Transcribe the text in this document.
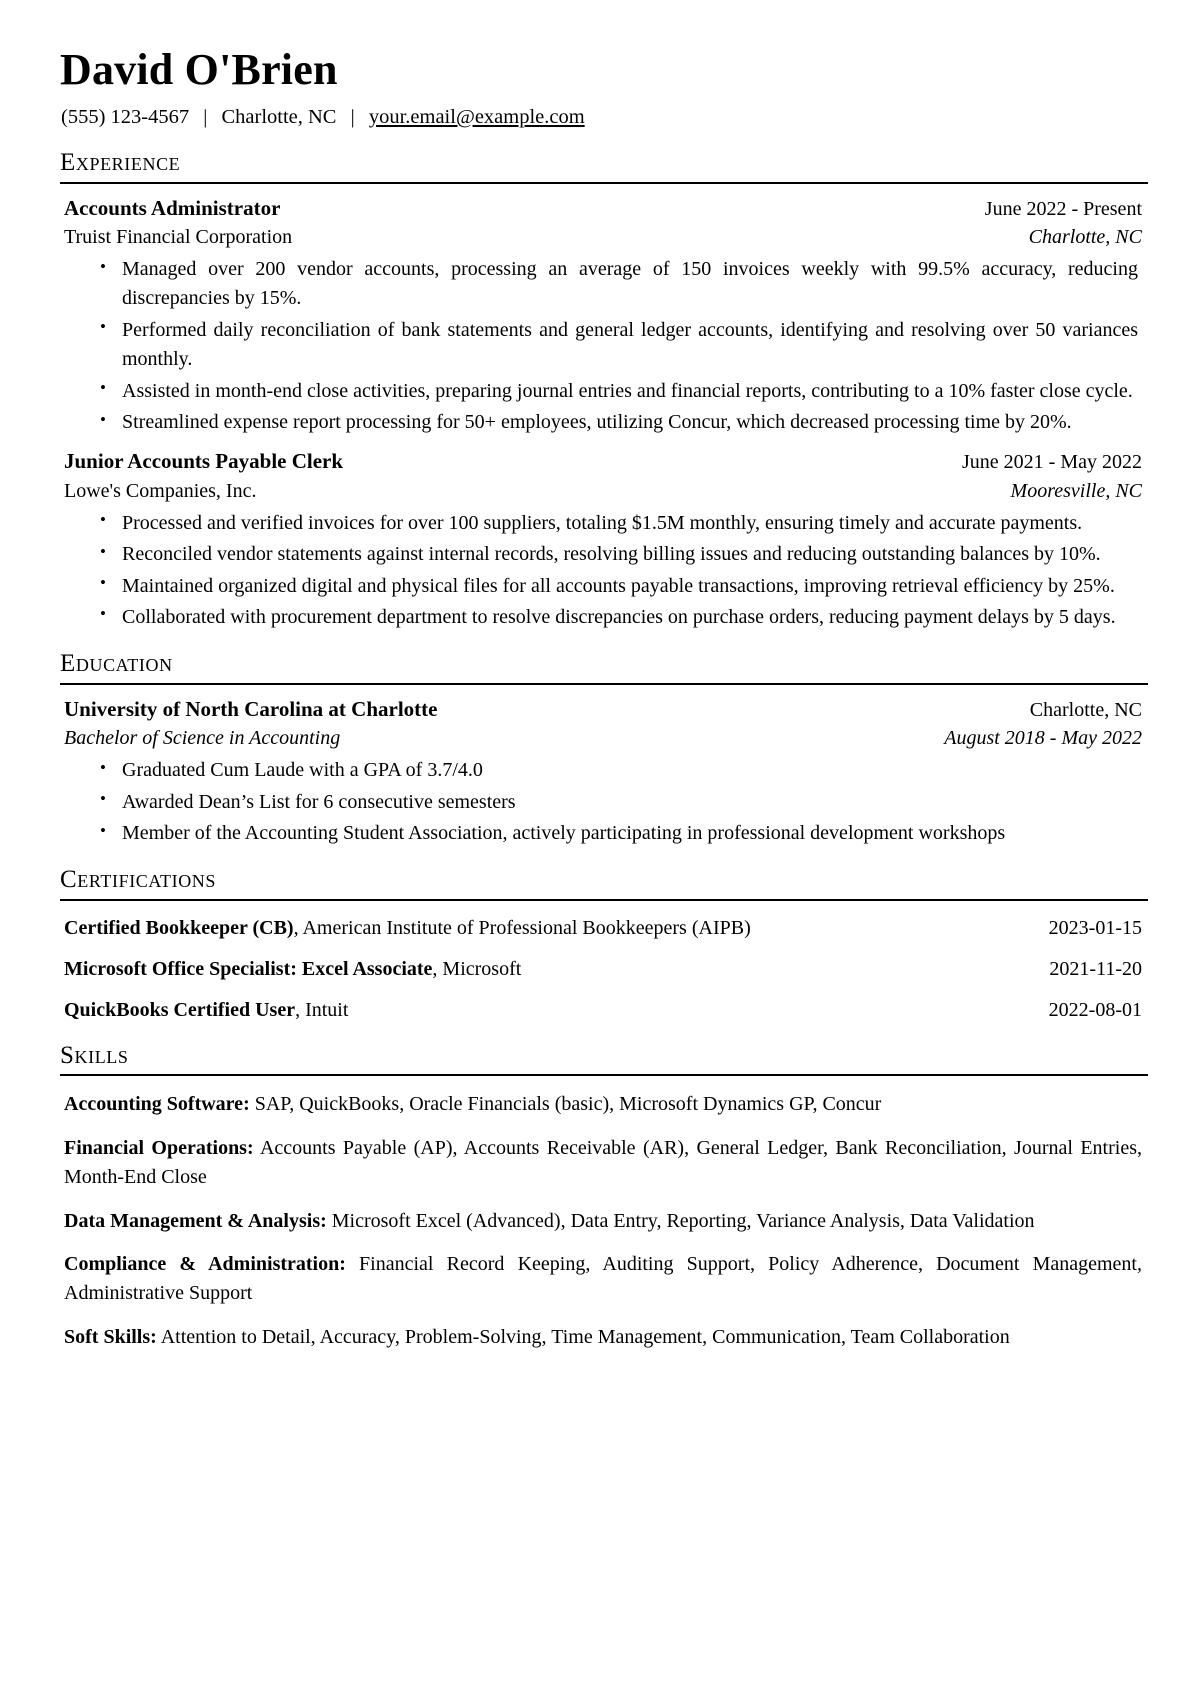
David O'Brien
(555) 123-4567 | Charlotte, NC | your.email@example.com
Experience
Accounts Administrator	June 2022 - Present
Truist Financial Corporation	Charlotte, NC
• Managed over 200 vendor accounts, processing an average of 150 invoices weekly with 99.5% accuracy, reducing discrepancies by 15%.
• Performed daily reconciliation of bank statements and general ledger accounts, identifying and resolving over 50 variances monthly.
• Assisted in month-end close activities, preparing journal entries and financial reports, contributing to a 10% faster close cycle.
• Streamlined expense report processing for 50+ employees, utilizing Concur, which decreased processing time by 20%.
Junior Accounts Payable Clerk	June 2021 - May 2022
Lowe's Companies, Inc.	Mooresville, NC
• Processed and verified invoices for over 100 suppliers, totaling $1.5M monthly, ensuring timely and accurate payments.
• Reconciled vendor statements against internal records, resolving billing issues and reducing outstanding balances by 10%.
• Maintained organized digital and physical files for all accounts payable transactions, improving retrieval efficiency by 25%.
• Collaborated with procurement department to resolve discrepancies on purchase orders, reducing payment delays by 5 days.
Education
University of North Carolina at Charlotte	Charlotte, NC
Bachelor of Science in Accounting	August 2018 - May 2022
• Graduated Cum Laude with a GPA of 3.7/4.0
• Awarded Dean’s List for 6 consecutive semesters
• Member of the Accounting Student Association, actively participating in professional development workshops
Certifications
Certified Bookkeeper (CB), American Institute of Professional Bookkeepers (AIPB)	2023-01-15
Microsoft Office Specialist: Excel Associate, Microsoft	2021-11-20
QuickBooks Certified User, Intuit	2022-08-01
Skills
Accounting Software: SAP, QuickBooks, Oracle Financials (basic), Microsoft Dynamics GP, Concur
Financial Operations: Accounts Payable (AP), Accounts Receivable (AR), General Ledger, Bank Reconciliation, Journal Entries, Month-End Close
Data Management & Analysis: Microsoft Excel (Advanced), Data Entry, Reporting, Variance Analysis, Data Validation
Compliance & Administration: Financial Record Keeping, Auditing Support, Policy Adherence, Document Management, Administrative Support
Soft Skills: Attention to Detail, Accuracy, Problem-Solving, Time Management, Communication, Team Collaboration
